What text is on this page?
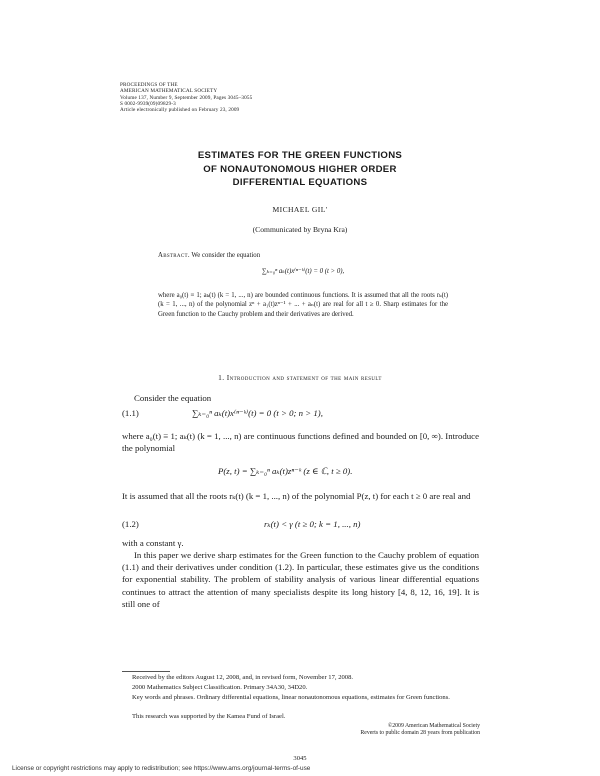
PROCEEDINGS OF THE
AMERICAN MATHEMATICAL SOCIETY
Volume 137, Number 9, September 2009, Pages 3045–3055
S 0002-9939(09)09829-3
Article electronically published on February 23, 2009
ESTIMATES FOR THE GREEN FUNCTIONS
OF NONAUTONOMOUS HIGHER ORDER
DIFFERENTIAL EQUATIONS
MICHAEL GIL'
(Communicated by Bryna Kra)
Abstract. We consider the equation
∑ₖ₌₀ⁿ aₖ(t)x⁽ⁿ⁻ᵏ⁾(t) = 0 (t > 0),
where a₀(t) ≡ 1; aₖ(t) (k = 1, ..., n) are bounded continuous functions. It is assumed that all the roots rₖ(t) (k = 1, ..., n) of the polynomial zⁿ + a₁(t)zⁿ⁻¹ + ... + aₙ(t) are real for all t ≥ 0. Sharp estimates for the Green function to the Cauchy problem and their derivatives are derived.
1. Introduction and statement of the main result
Consider the equation
(1.1)	∑ₖ₌₀ⁿ aₖ(t)x⁽ⁿ⁻ᵏ⁾(t) = 0 (t > 0; n > 1),
where a₀(t) ≡ 1; aₖ(t) (k = 1, ..., n) are continuous functions defined and bounded on [0, ∞). Introduce the polynomial
P(z, t) = ∑ₖ₌₀ⁿ aₖ(t)zⁿ⁻ᵏ (z ∈ ℂ, t ≥ 0).
It is assumed that all the roots rₖ(t) (k = 1, ..., n) of the polynomial P(z, t) for each t ≥ 0 are real and
(1.2)	rₖ(t) < γ (t ≥ 0; k = 1, ..., n)
with a constant γ.
In this paper we derive sharp estimates for the Green function to the Cauchy problem of equation (1.1) and their derivatives under condition (1.2). In particular, these estimates give us the conditions for exponential stability. The problem of stability analysis of various linear differential equations continues to attract the attention of many specialists despite its long history [4, 8, 12, 16, 19]. It is still one of
Received by the editors August 12, 2008, and, in revised form, November 17, 2008.
2000 Mathematics Subject Classification. Primary 34A30, 34D20.
Key words and phrases. Ordinary differential equations, linear nonautonomous equations, estimates for Green functions.
This research was supported by the Kamea Fund of Israel.
©2009 American Mathematical Society
Reverts to public domain 28 years from publication
3045
License or copyright restrictions may apply to redistribution; see https://www.ams.org/journal-terms-of-use
